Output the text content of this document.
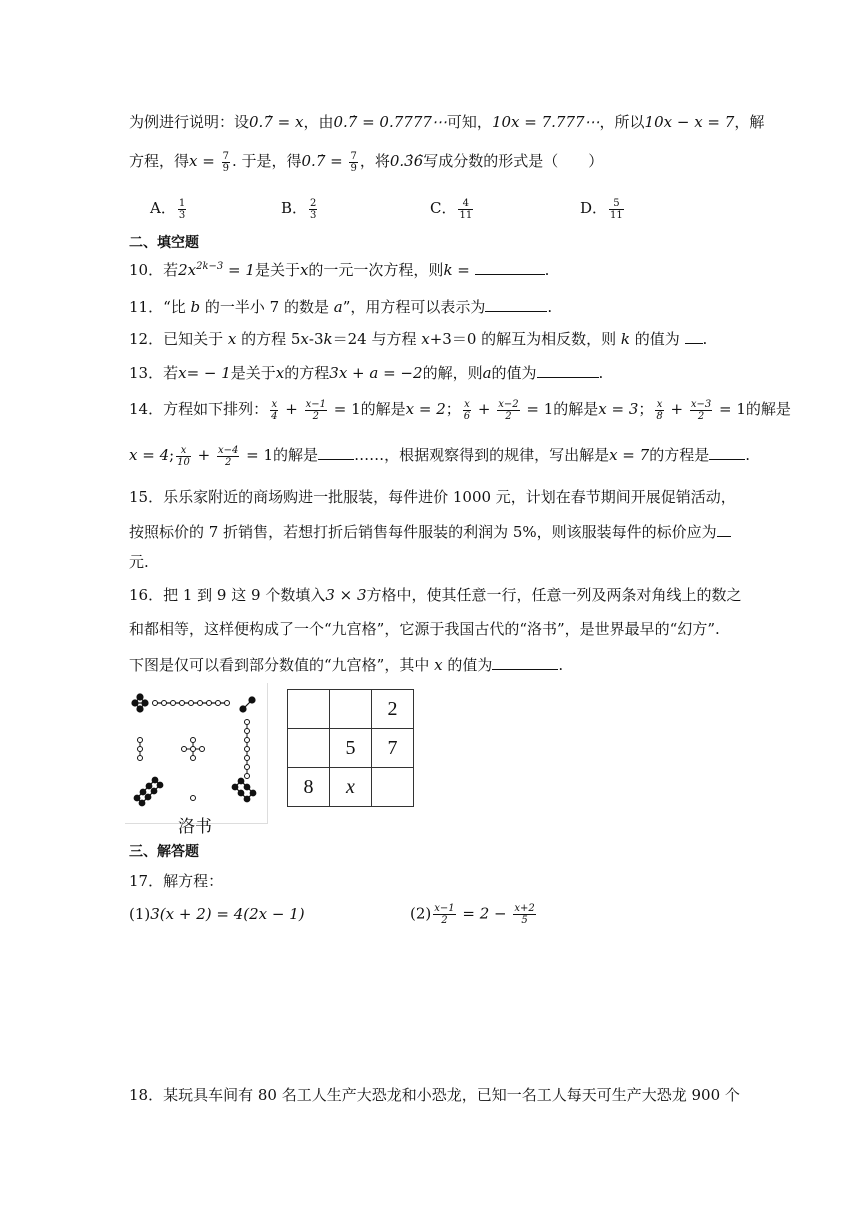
为例进行说明：设0.7̇ = x，由0.7̇ = 0.7777⋯可知，10x = 7.777⋯，所以10x − x = 7，解
方程，得$x = \frac{7}{9}$ . 于是，得0.7̇ = $\frac{7}{9}$ ，将0.3̇6̇写成分数的形式是（　　）
A． $\frac{1}{3}$	B． $\frac{2}{3}$	C． $\frac{4}{11}$	D． $\frac{5}{11}$
二、填空题
10．若$2x^{2k-3} = 1$是关于x的一元一次方程，则k =	.
11．“比 b 的一半小 7 的数是 a”，用方程可以表示为	.
12．已知关于 x 的方程 5x-3k＝24 与方程 x+3＝0 的解互为相反数，则 k 的值为 .
13．若x= − 1是关于x的方程3x + a = −2的解，则a的值为	.
14．方程如下排列： $\frac{x}{4} + \frac{x-1}{2} = 1$的解是x = 2； $\frac{x}{6} + \frac{x-2}{2} = 1$的解是x = 3； $\frac{x}{8} + \frac{x-3}{2} = 1$的解是
x = 4; $\frac{x}{10} + \frac{x-4}{2} = 1$的解是 ……，根据观察得到的规律，写出解是x = 7的方程是 .
15．乐乐家附近的商场购进一批服装，每件进价 1000 元，计划在春节期间开展促销活动，
按照标价的 7 折销售，若想打折后销售每件服装的利润为 5%，则该服装每件的标价应为
元.
16．把 1 到 9 这 9 个数填入3 × 3方格中，使其任意一行，任意一列及两条对角线上的数之
和都相等，这样便构成了一个“九宫格”，它源于我国古代的“洛书”，是世界最早的“幻方”.
下图是仅可以看到部分数值的“九宫格”，其中 x 的值为	.
洛书
		2
	5	7
8	x	
三、解答题
17．解方程：
(1)3(x + 2) = 4(2x − 1)	$(2) \frac{x-1}{2} = 2 - \frac{x+2}{5}$
18．某玩具车间有 80 名工人生产大恐龙和小恐龙，已知一名工人每天可生产大恐龙 900 个
